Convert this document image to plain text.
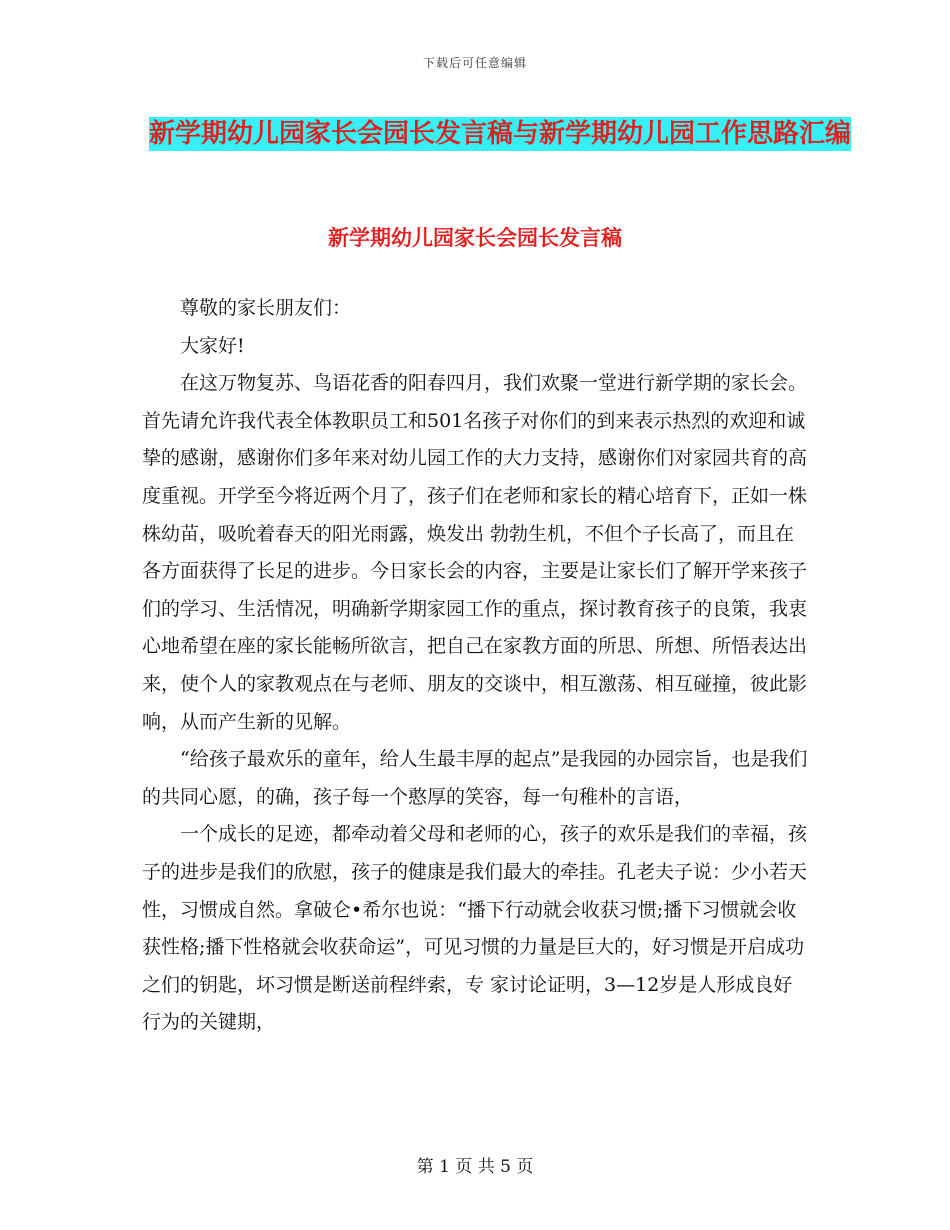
下载后可任意编辑
新学期幼儿园家长会园长发言稿与新学期幼儿园工作思路汇编
新学期幼儿园家长会园长发言稿

尊敬的家长朋友们：

大家好!

在这万物复苏、鸟语花香的阳春四月，我们欢聚一堂进行新学期的家长会。首先请允许我代表全体教职员工和501名孩子对你们的到来表示热烈的欢迎和诚挚的感谢，感谢你们多年来对幼儿园工作的大力支持，感谢你们对家园共育的高度重视。开学至今将近两个月了，孩子们在老师和家长的精心培育下，正如一株株幼苗，吸吮着春天的阳光雨露，焕发出 勃勃生机，不但个子长高了，而且在各方面获得了长足的进步。今日家长会的内容，主要是让家长们了解开学来孩子们的学习、生活情况，明确新学期家园工作的重点，探讨教育孩子的良策，我衷心地希望在座的家长能畅所欲言，把自己在家教方面的所思、所想、所悟表达出来，使个人的家教观点在与老师、朋友的交谈中，相互激荡、相互碰撞，彼此影响，从而产生新的见解。

“给孩子最欢乐的童年，给人生最丰厚的起点”是我园的办园宗旨，也是我们的共同心愿，的确，孩子每一个憨厚的笑容，每一句稚朴的言语，

一个成长的足迹，都牵动着父母和老师的心，孩子的欢乐是我们的幸福，孩子的进步是我们的欣慰，孩子的健康是我们最大的牵挂。孔老夫子说：少小若天性，习惯成自然。拿破仑•希尔也说：“播下行动就会收获习惯;播下习惯就会收获性格;播下性格就会收获命运”，可见习惯的力量是巨大的，好习惯是开启成功之们的钥匙，坏习惯是断送前程绊索，专 家讨论证明，3—12岁是人形成良好行为的关键期，

第 1 页 共 5 页
